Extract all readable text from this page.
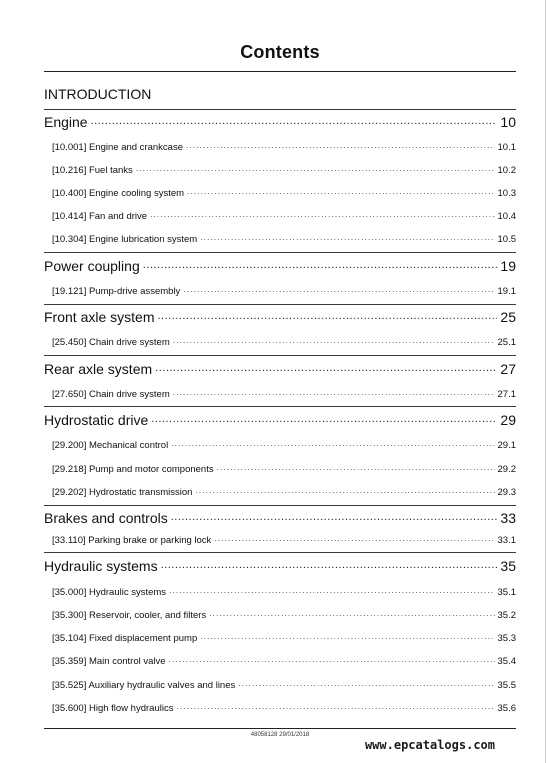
Contents
INTRODUCTION
Engine .....	10
[10.001] Engine and crankcase .....	10.1
[10.216] Fuel tanks .....	10.2
[10.400] Engine cooling system .....	10.3
[10.414] Fan and drive .....	10.4
[10.304] Engine lubrication system .....	10.5
Power coupling .....	19
[19.121] Pump-drive assembly .....	19.1
Front axle system .....	25
[25.450] Chain drive system .....	25.1
Rear axle system .....	27
[27.650] Chain drive system .....	27.1
Hydrostatic drive .....	29
[29.200] Mechanical control .....	29.1
[29.218] Pump and motor components .....	29.2
[29.202] Hydrostatic transmission .....	29.3
Brakes and controls .....	33
[33.110] Parking brake or parking lock .....	33.1
Hydraulic systems .....	35
[35.000] Hydraulic systems .....	35.1
[35.300] Reservoir, cooler, and filters .....	35.2
[35.104] Fixed displacement pump .....	35.3
[35.359] Main control valve .....	35.4
[35.525] Auxiliary hydraulic valves and lines .....	35.5
[35.600] High flow hydraulics .....	35.6
48058128 29/01/2018
www.epcatalogs.com
